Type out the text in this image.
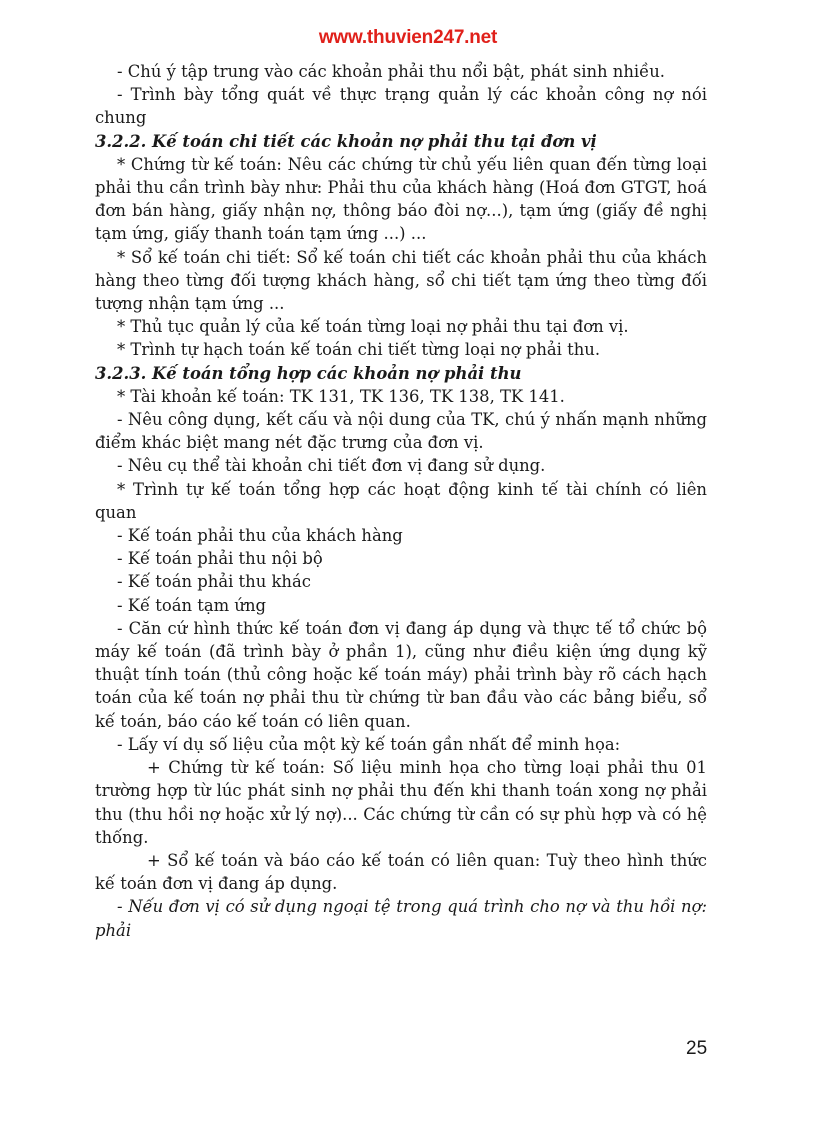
www.thuvien247.net

- Chú ý tập trung vào các khoản phải thu nổi bật, phát sinh nhiều.

- Trình bày tổng quát về thực trạng quản lý các khoản công nợ nói chung

3.2.2. Kế toán chi tiết các khoản nợ phải thu tại đơn vị

* Chứng từ kế toán: Nêu các chứng từ chủ yếu liên quan đến từng loại phải thu cần trình bày như: Phải thu của khách hàng (Hoá đơn GTGT, hoá đơn bán hàng, giấy nhận nợ, thông báo đòi nợ...), tạm ứng (giấy đề nghị tạm ứng, giấy thanh toán tạm ứng ...) ...

* Sổ kế toán chi tiết: Sổ kế toán chi tiết các khoản phải thu của khách hàng theo từng đối tượng khách hàng, sổ chi tiết tạm ứng theo từng đối tượng nhận tạm ứng ...

* Thủ tục quản lý của kế toán từng loại nợ phải thu tại đơn vị.

* Trình tự hạch toán kế toán chi tiết từng loại nợ phải thu.

3.2.3. Kế toán tổng hợp các khoản nợ phải thu

* Tài khoản kế toán: TK 131, TK 136, TK 138, TK 141.

- Nêu công dụng, kết cấu và nội dung của TK, chú ý nhấn mạnh những điểm khác biệt mang nét đặc trưng của đơn vị.

- Nêu cụ thể tài khoản chi tiết đơn vị đang sử dụng.

* Trình tự kế toán tổng hợp các hoạt động kinh tế tài chính có liên quan

- Kế toán phải thu của khách hàng

- Kế toán phải thu nội bộ

- Kế toán phải thu khác

- Kế toán tạm ứng

- Căn cứ hình thức kế toán đơn vị đang áp dụng và thực tế tổ chức bộ máy kế toán (đã trình bày ở phần 1), cũng như điều kiện ứng dụng kỹ thuật tính toán (thủ công hoặc kế toán máy) phải trình bày rõ cách hạch toán của kế toán nợ phải thu từ chứng từ ban đầu vào các bảng biểu, sổ kế toán, báo cáo kế toán có liên quan.

- Lấy ví dụ số liệu của một kỳ kế toán gần nhất để minh họa:

+ Chứng từ kế toán: Số liệu minh họa cho từng loại phải thu 01 trường hợp từ lúc phát sinh nợ phải thu đến khi thanh toán xong nợ phải thu (thu hồi nợ hoặc xử lý nợ)... Các chứng từ cần có sự phù hợp và có hệ thống.

+ Sổ kế toán và báo cáo kế toán có liên quan: Tuỳ theo hình thức kế toán đơn vị đang áp dụng.

- Nếu đơn vị có sử dụng ngoại tệ trong quá trình cho nợ và thu hồi nợ: phải

25
